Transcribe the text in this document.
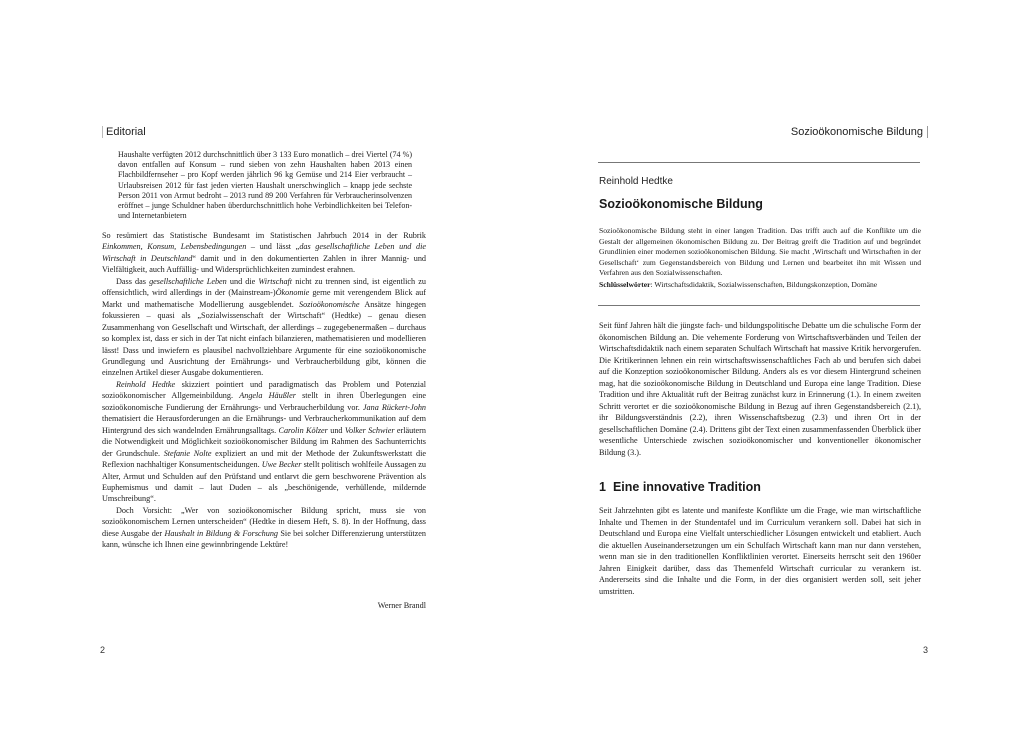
Editorial
Haushalte verfügten 2012 durchschnittlich über 3 133 Euro monatlich – drei Viertel (74 %) davon entfallen auf Konsum – rund sieben von zehn Haushalten haben 2013 einen Flachbildfernseher – pro Kopf werden jährlich 96 kg Gemüse und 214 Eier verbraucht – Urlaubsreisen 2012 für fast jeden vierten Haushalt unerschwinglich – knapp jede sechste Person 2011 von Armut bedroht – 2013 rund 89 200 Verfahren für Verbraucherinsolvenzen eröffnet – junge Schuldner haben überdurchschnittlich hohe Verbindlichkeiten bei Telefon- und Internetanbietern

So resümiert das Statistische Bundesamt im Statistischen Jahrbuch 2014 in der Rubrik Einkommen, Konsum, Lebensbedingungen – und lässt „das gesellschaftliche Leben und die Wirtschaft in Deutschland“ damit und in den dokumentierten Zahlen in ihrer Mannig- und Vielfältigkeit, auch Auffällig- und Widersprüchlichkeiten zumindest erahnen.

Dass das gesellschaftliche Leben und die Wirtschaft nicht zu trennen sind, ist eigentlich zu offensichtlich, wird allerdings in der (Mainstream-)Ökonomie gerne mit verengendem Blick auf Markt und mathematische Modellierung ausgeblendet. Sozioökonomische Ansätze hingegen fokussieren – quasi als „Sozialwissenschaft der Wirtschaft“ (Hedtke) – genau diesen Zusammenhang von Gesellschaft und Wirtschaft, der allerdings – zugegebenermaßen – durchaus so komplex ist, dass er sich in der Tat nicht einfach bilanzieren, mathematisieren und modellieren lässt! Dass und inwiefern es plausibel nachvollziehbare Argumente für eine sozioökonomische Grundlegung und Ausrichtung der Ernährungs- und Verbraucherbildung gibt, können die einzelnen Artikel dieser Ausgabe dokumentieren.

Reinhold Hedtke skizziert pointiert und paradigmatisch das Problem und Potenzial sozioökonomischer Allgemeinbildung. Angela Häußler stellt in ihren Überlegungen eine sozioökonomische Fundierung der Ernährungs- und Verbraucherbildung vor. Jana Rückert-John thematisiert die Herausforderungen an die Ernährungs- und Verbraucherkommunikation auf dem Hintergrund des sich wandelnden Ernährungsalltags. Carolin Kölzer und Volker Schwier erläutern die Notwendigkeit und Möglichkeit sozioökonomischer Bildung im Rahmen des Sachunterrichts der Grundschule. Stefanie Nolte expliziert an und mit der Methode der Zukunftswerkstatt die Reflexion nachhaltiger Konsumentscheidungen. Uwe Becker stellt politisch wohlfeile Aussagen zu Alter, Armut und Schulden auf den Prüfstand und entlarvt die gern beschworene Prävention als Euphemismus und damit – laut Duden – als „beschönigende, verhüllende, mildernde Umschreibung“.

Doch Vorsicht: „Wer von sozioökonomischer Bildung spricht, muss sie von sozioökonomischem Lernen unterscheiden“ (Hedtke in diesem Heft, S. 8). In der Hoffnung, dass diese Ausgabe der Haushalt in Bildung & Forschung Sie bei solcher Differenzierung unterstützen kann, wünsche ich Ihnen eine gewinnbringende Lektüre!

Werner Brandl
2
Sozioökonomische Bildung
Reinhold Hedtke
Sozioökonomische Bildung
Sozioökonomische Bildung steht in einer langen Tradition. Das trifft auch auf die Konflikte um die Gestalt der allgemeinen ökonomischen Bildung zu. Der Beitrag greift die Tradition auf und begründet Grundlinien einer modernen sozioökonomischen Bildung. Sie macht ‚Wirtschaft und Wirtschaften in der Gesellschaft‘ zum Gegenstandsbereich von Bildung und Lernen und bearbeitet ihn mit Wissen und Verfahren aus den Sozialwissenschaften.
Schlüsselwörter: Wirtschaftsdidaktik, Sozialwissenschaften, Bildungskonzeption, Domäne
Seit fünf Jahren hält die jüngste fach- und bildungspolitische Debatte um die schulische Form der ökonomischen Bildung an. Die vehemente Forderung von Wirtschaftsverbänden und Teilen der Wirtschaftsdidaktik nach einem separaten Schulfach Wirtschaft hat massive Kritik hervorgerufen. Die Kritikerinnen lehnen ein rein wirtschaftswissenschaftliches Fach ab und berufen sich dabei auf die Konzeption sozioökonomischer Bildung. Anders als es vor diesem Hintergrund scheinen mag, hat die sozioökonomische Bildung in Deutschland und Europa eine lange Tradition. Diese Tradition und ihre Aktualität ruft der Beitrag zunächst kurz in Erinnerung (1.). In einem zweiten Schritt verortet er die sozioökonomische Bildung in Bezug auf ihren Gegenstandsbereich (2.1), ihr Bildungsverständnis (2.2), ihren Wissenschaftsbezug (2.3) und ihren Ort in der gesellschaftlichen Domäne (2.4). Drittens gibt der Text einen zusammenfassenden Überblick über wesentliche Unterschiede zwischen sozioökonomischer und konventioneller ökonomischer Bildung (3.).
1 Eine innovative Tradition
Seit Jahrzehnten gibt es latente und manifeste Konflikte um die Frage, wie man wirtschaftliche Inhalte und Themen in der Stundentafel und im Curriculum verankern soll. Dabei hat sich in Deutschland und Europa eine Vielfalt unterschiedlicher Lösungen entwickelt und etabliert. Auch die aktuellen Auseinandersetzungen um ein Schulfach Wirtschaft kann man nur dann verstehen, wenn man sie in den traditionellen Konfliktlinien verortet. Einerseits herrscht seit den 1960er Jahren Einigkeit darüber, dass das Themenfeld Wirtschaft curricular zu verankern ist. Andererseits sind die Inhalte und die Form, in der dies organisiert werden soll, seit jeher umstritten.
3
